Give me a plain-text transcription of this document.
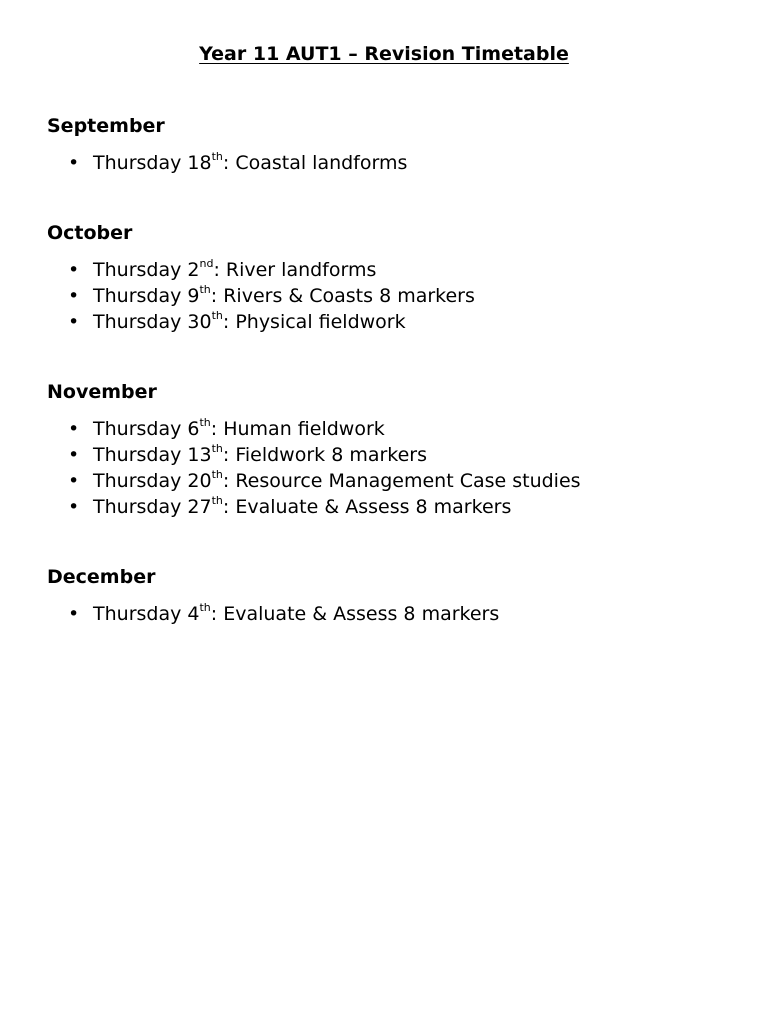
Year 11 AUT1 – Revision Timetable
September
• Thursday 18th: Coastal landforms
October
• Thursday 2nd: River landforms
• Thursday 9th: Rivers & Coasts 8 markers
• Thursday 30th: Physical fieldwork
November
• Thursday 6th: Human fieldwork
• Thursday 13th: Fieldwork 8 markers
• Thursday 20th: Resource Management Case studies
• Thursday 27th: Evaluate & Assess 8 markers
December
• Thursday 4th: Evaluate & Assess 8 markers
